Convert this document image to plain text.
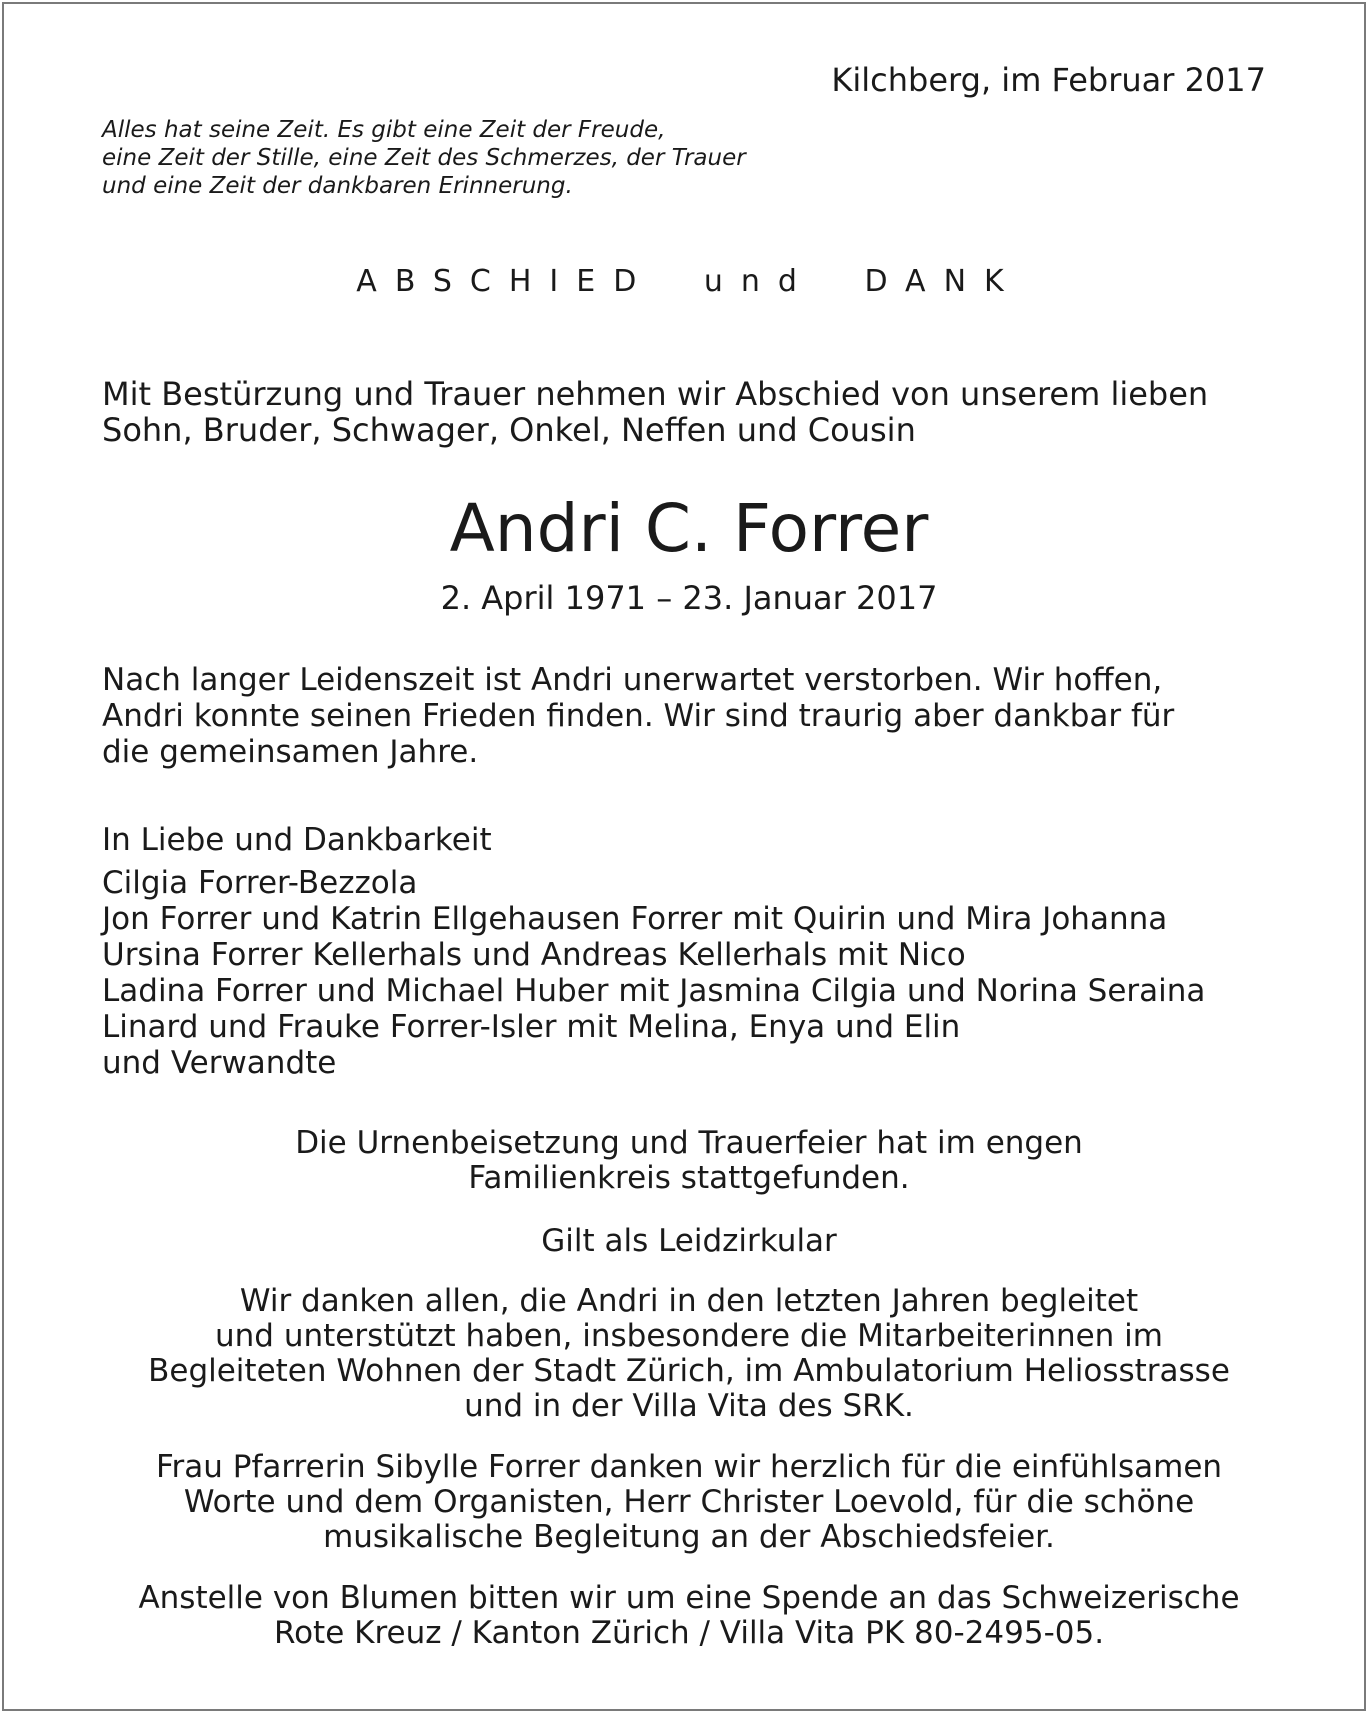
Kilchberg, im Februar 2017
Alles hat seine Zeit. Es gibt eine Zeit der Freude,
eine Zeit der Stille, eine Zeit des Schmerzes, der Trauer
und eine Zeit der dankbaren Erinnerung.
ABSCHIED und DANK
Mit Bestürzung und Trauer nehmen wir Abschied von unserem lieben
Sohn, Bruder, Schwager, Onkel, Neffen und Cousin
Andri C. Forrer
2. April 1971 – 23. Januar 2017
Nach langer Leidenszeit ist Andri unerwartet verstorben. Wir hoffen,
Andri konnte seinen Frieden finden. Wir sind traurig aber dankbar für
die gemeinsamen Jahre.
In Liebe und Dankbarkeit
Cilgia Forrer-Bezzola
Jon Forrer und Katrin Ellgehausen Forrer mit Quirin und Mira Johanna
Ursina Forrer Kellerhals und Andreas Kellerhals mit Nico
Ladina Forrer und Michael Huber mit Jasmina Cilgia und Norina Seraina
Linard und Frauke Forrer-Isler mit Melina, Enya und Elin
und Verwandte
Die Urnenbeisetzung und Trauerfeier hat im engen
Familienkreis stattgefunden.
Gilt als Leidzirkular
Wir danken allen, die Andri in den letzten Jahren begleitet
und unterstützt haben, insbesondere die Mitarbeiterinnen im
Begleiteten Wohnen der Stadt Zürich, im Ambulatorium Heliosstrasse
und in der Villa Vita des SRK.
Frau Pfarrerin Sibylle Forrer danken wir herzlich für die einfühlsamen
Worte und dem Organisten, Herr Christer Loevold, für die schöne
musikalische Begleitung an der Abschiedsfeier.
Anstelle von Blumen bitten wir um eine Spende an das Schweizerische
Rote Kreuz / Kanton Zürich / Villa Vita PK 80-2495-05.
